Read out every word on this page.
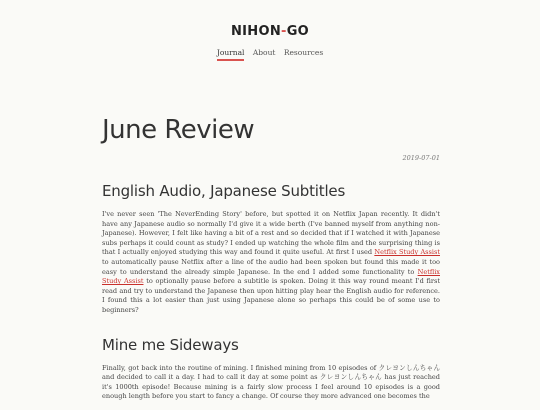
NIHON-GO
Journal About Resources
June Review
2019-07-01
English Audio, Japanese Subtitles

I've never seen 'The NeverEnding Story' before, but spotted it on Netflix Japan recently. It didn't have any Japanese audio so normally I'd give it a wide berth (I've banned myself from anything non-Japanese). However, I felt like having a bit of a rest and so decided that if I watched it with Japanese subs perhaps it could count as study? I ended up watching the whole film and the surprising thing is that I actually enjoyed studying this way and found it quite useful. At first I used Netflix Study Assist to automatically pause Netflix after a line of the audio had been spoken but found this made it too easy to understand the already simple Japanese. In the end I added some functionality to Netflix Study Assist to optionally pause before a subtitle is spoken. Doing it this way round meant I'd first read and try to understand the Japanese then upon hitting play hear the English audio for reference. I found this a lot easier than just using Japanese alone so perhaps this could be of some use to beginners?

Mine me Sideways

Finally, got back into the routine of mining. I finished mining from 10 episodes of クレヨンしんちゃん and decided to call it a day. I had to call it day at some point as クレヨンしんちゃん has just reached it's 1000th episode! Because mining is a fairly slow process I feel around 10 episodes is a good enough length before you start to fancy a change. Of course they more advanced one becomes the
